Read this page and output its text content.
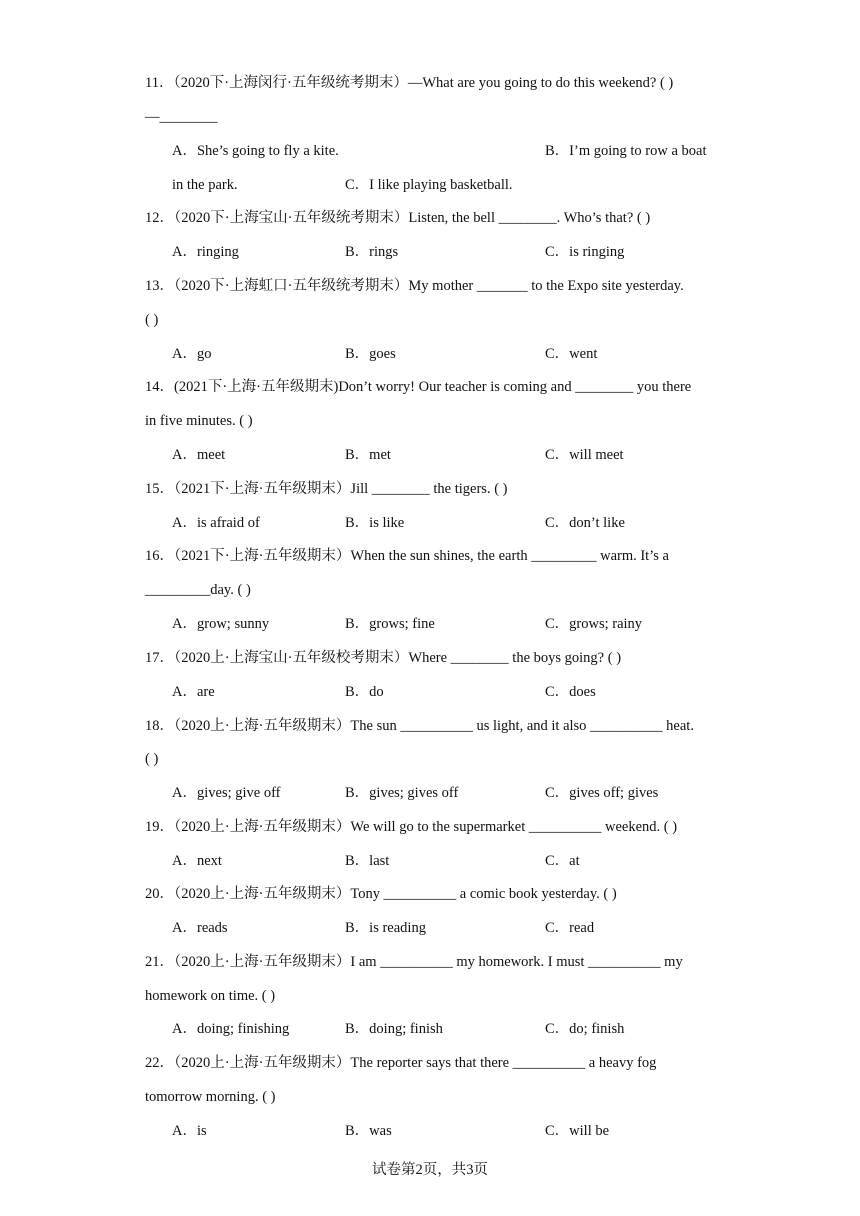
11．（2020下·上海闵行·五年级统考期末）—What are you going to do this weekend? ( )
—________
A．She’s going to fly a kite.	B．I’m going to row a boat
in the park.	C．I like playing basketball.
12．（2020下·上海宝山·五年级统考期末）Listen, the bell ________. Who’s that? ( )
A．ringing	B．rings	C．is ringing
13．（2020下·上海虹口·五年级统考期末）My mother _______ to the Expo site yesterday.
( )
A．go	B．goes	C．went
14．(2021下·上海·五年级期末)Don’t worry! Our teacher is coming and ________ you there
in five minutes. ( )
A．meet	B．met	C．will meet
15．（2021下·上海·五年级期末）Jill ________ the tigers. ( )
A．is afraid of	B．is like	C．don’t like
16．（2021下·上海·五年级期末）When the sun shines, the earth _________ warm. It’s a
_________day. ( )
A．grow; sunny	B．grows; fine	C．grows; rainy
17．（2020上·上海宝山·五年级校考期末）Where ________ the boys going? ( )
A．are	B．do	C．does
18．（2020上·上海·五年级期末）The sun __________ us light, and it also __________ heat.
( )
A．gives; give off	B．gives; gives off	C．gives off; gives
19．（2020上·上海·五年级期末）We will go to the supermarket __________ weekend. ( )
A．next	B．last	C．at
20．（2020上·上海·五年级期末）Tony __________ a comic book yesterday. ( )
A．reads	B．is reading	C．read
21．（2020上·上海·五年级期末）I am __________ my homework. I must __________ my
homework on time. ( )
A．doing; finishing	B．doing; finish	C．do; finish
22．（2020上·上海·五年级期末）The reporter says that there __________ a heavy fog
tomorrow morning. ( )
A．is	B．was	C．will be
试卷第2页，共3页
